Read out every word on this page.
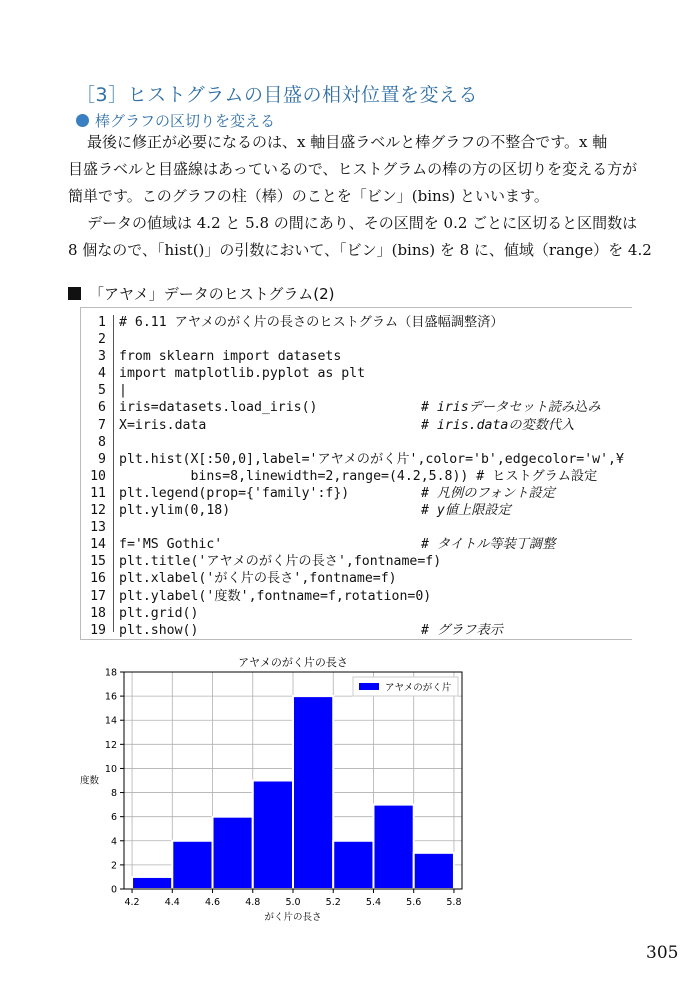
［3］ヒストグラムの目盛の相対位置を変える
棒グラフの区切りを変える
最後に修正が必要になるのは、x 軸目盛ラベルと棒グラフの不整合です。x 軸
目盛ラベルと目盛線はあっているので、ヒストグラムの棒の方の区切りを変える方が
簡単です。このグラフの柱（棒）のことを「ビン」(bins) といいます。
データの値域は 4.2 と 5.8 の間にあり、その区間を 0.2 ごとに区切ると区間数は
8 個なので、「hist()」の引数において、「ビン」(bins) を 8 に、値域（range）を 4.2
「アヤメ」データのヒストグラム(2)
1 # 6.11 アヤメのがく片の長さのヒストグラム（目盛幅調整済）
2
3 from sklearn import datasets
4 import matplotlib.pyplot as plt
5 |
6 iris=datasets.load_iris()	# irisデータセット読み込み
7 X=iris.data	# iris.dataの変数代入
8
9 plt.hist(X[:50,0],label='アヤメのがく片',color='b',edgecolor='w',¥
10 bins=8,linewidth=2,range=(4.2,5.8)) # ヒストグラム設定
11 plt.legend(prop={'family':f})	# 凡例のフォント設定
12 plt.ylim(0,18)	# y値上限設定
13
14 f='MS Gothic'	# タイトル等装丁調整
15 plt.title('アヤメのがく片の長さ',fontname=f)
16 plt.xlabel('がく片の長さ',fontname=f)
17 plt.ylabel('度数',fontname=f,rotation=0)
18 plt.grid()
19 plt.show()	# グラフ表示
4.2	4.4	4.6	4.8	5.0	5.2	5.4	5.6	5.8
0
2
4
6
8
10
12
14
16
18
アヤメのがく片の長さ
がく片の長さ
度数
アヤメのがく片
305
